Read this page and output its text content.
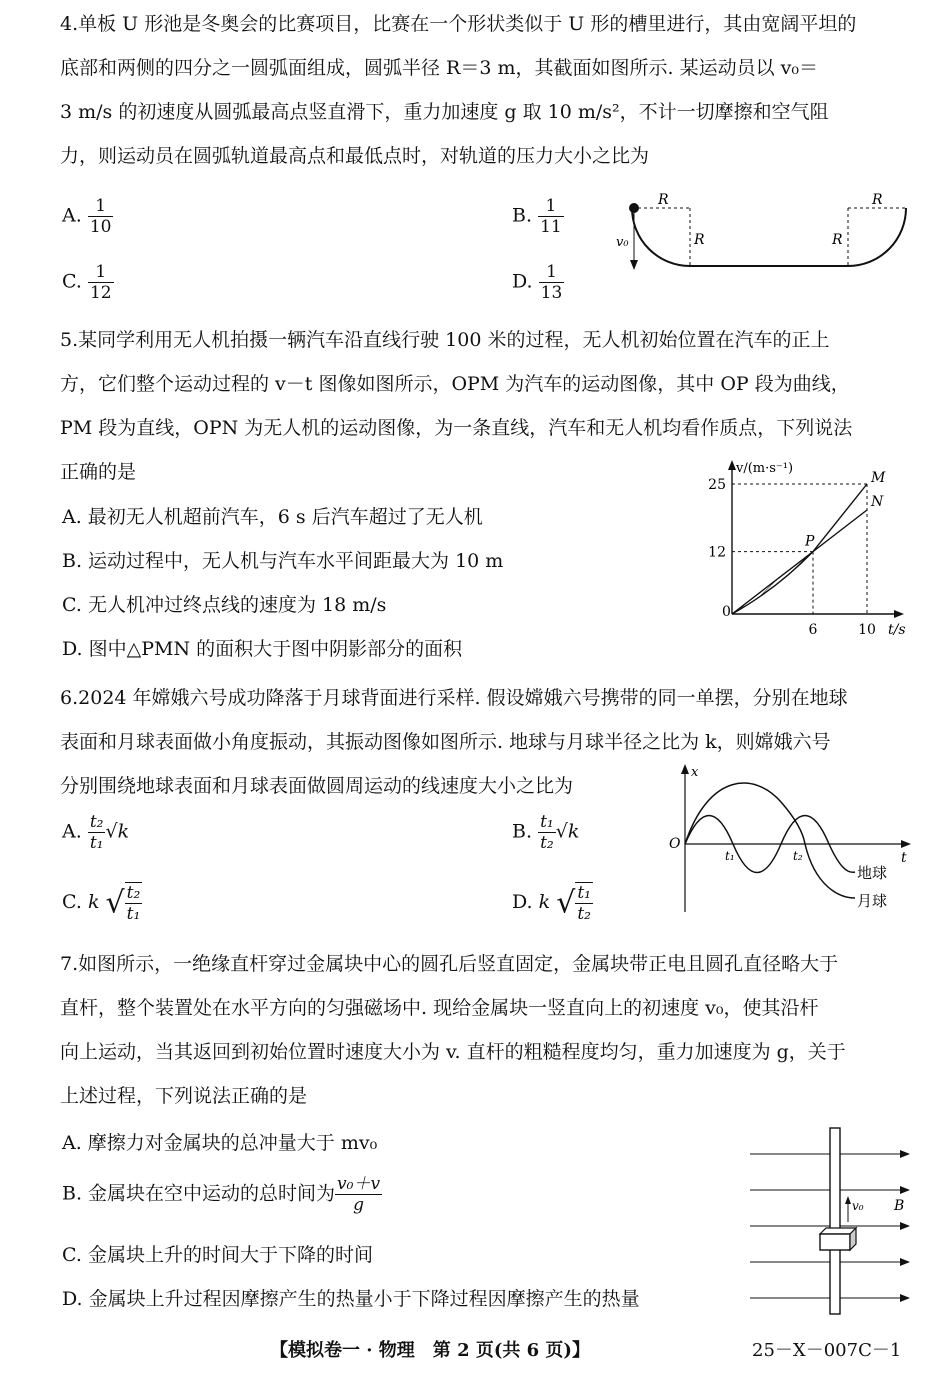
4.单板 U 形池是冬奥会的比赛项目，比赛在一个形状类似于 U 形的槽里进行，其由宽阔平坦的

底部和两侧的四分之一圆弧面组成，圆弧半径 R＝3 m，其截面如图所示. 某运动员以 v₀＝

3 m/s 的初速度从圆弧最高点竖直滑下，重力加速度 g 取 10 m/s²，不计一切摩擦和空气阻

力，则运动员在圆弧轨道最高点和最低点时，对轨道的压力大小之比为

A. $\frac{1}{10}$	B. $\frac{1}{11}$
C. $\frac{1}{12}$	D. $\frac{1}{13}$
v₀
R
R
R
R

5.某同学利用无人机拍摄一辆汽车沿直线行驶 100 米的过程，无人机初始位置在汽车的正上

方，它们整个运动过程的 v－t 图像如图所示，OPM 为汽车的运动图像，其中 OP 段为曲线，

PM 段为直线，OPN 为无人机的运动图像，为一条直线，汽车和无人机均看作质点，下列说法

正确的是

A. 最初无人机超前汽车，6 s 后汽车超过了无人机
B. 运动过程中，无人机与汽车水平间距最大为 10 m
C. 无人机冲过终点线的速度为 18 m/s
D. 图中△PMN 的面积大于图中阴影部分的面积
v/(m·s⁻¹)
t/s
25
12
0
6	10
P
M
N

6.2024 年嫦娥六号成功降落于月球背面进行采样. 假设嫦娥六号携带的同一单摆，分别在地球

表面和月球表面做小角度振动，其振动图像如图所示. 地球与月球半径之比为 k，则嫦娥六号

分别围绕地球表面和月球表面做圆周运动的线速度大小之比为

A. $\frac{\text{t₂}}{\text{t₁}} √k$	B. $\frac{\text{t₁}}{\text{t₂}} √k$
C. k √ $\frac{\text{t₂}}{\text{t₁}}$	D. k √ $\frac{\text{t₁}}{\text{t₂}}$
x
t
O
t₁	t₂
地球
月球

7.如图所示，一绝缘直杆穿过金属块中心的圆孔后竖直固定，金属块带正电且圆孔直径略大于

直杆，整个装置处在水平方向的匀强磁场中. 现给金属块一竖直向上的初速度 v₀，使其沿杆

向上运动，当其返回到初始位置时速度大小为 v. 直杆的粗糙程度均匀，重力加速度为 g，关于

上述过程，下列说法正确的是

A. 摩擦力对金属块的总冲量大于 mv₀
B. 金属块在空中运动的总时间为 $\frac{\text{v₀＋v}}{g}$
C. 金属块上升的时间大于下降的时间
D. 金属块上升过程因摩擦产生的热量小于下降过程因摩擦产生的热量
v₀ B
【模拟卷一 · 物理　第 2 页(共 6 页)】	25－X－007C－1
